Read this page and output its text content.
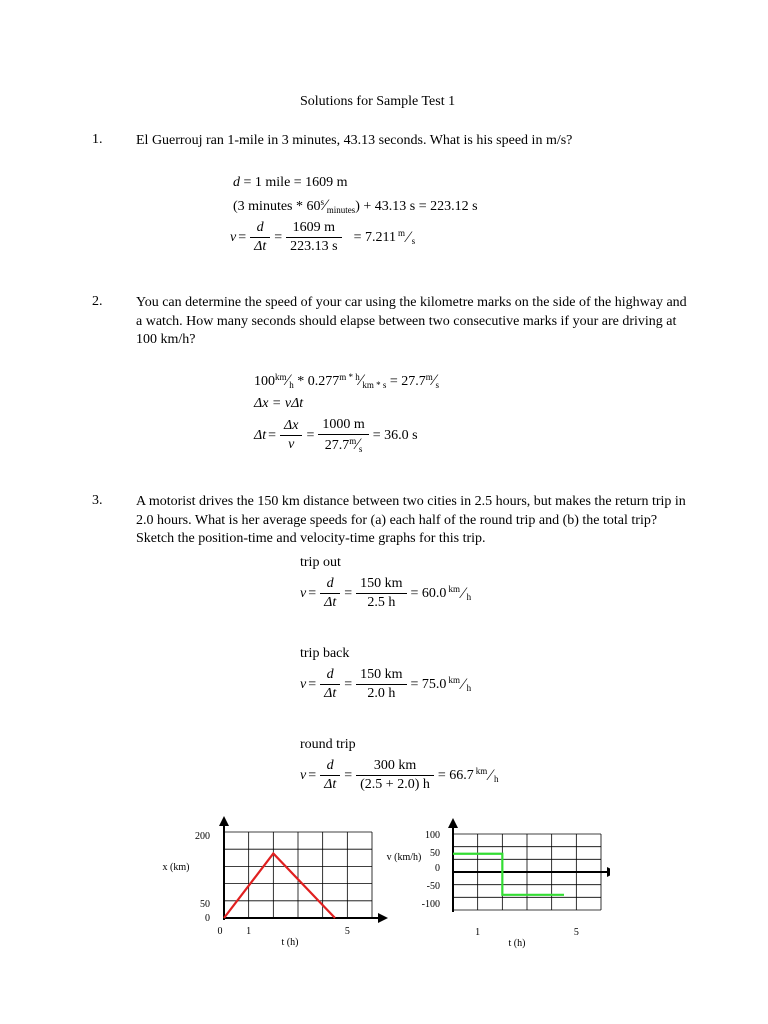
Solutions for Sample Test 1
1. El Guerrouj ran 1-mile in 3 minutes, 43.13 seconds. What is his speed in m/s?
d = 1 mile = 1609 m
(3 minutes * $60^s⁄_{minutes}) + 43.13$ s = 223.12 s
$v = \frac{d}{\Delta t} = \frac{1609 m}{223.13 s} = 7.211$ m ⁄ s
2. You can determine the speed of your car using the kilometre marks on the side of the highway and a watch. How many seconds should elapse between two consecutive marks if your are driving at 100 km/h?
$100^{km}⁄_h$ * $0.277^{m * h}⁄_{km * s}$ = $27.7^m⁄_s$
Δx = vΔt
$\Delta t = \frac{\Delta x}{v} = \frac{1000 m}{27.7^m⁄_s} = 36.0$ s
3. A motorist drives the 150 km distance between two cities in 2.5 hours, but makes the return trip in 2.0 hours. What is her average speeds for (a) each half of the round trip and (b) the total trip? Sketch the position-time and velocity-time graphs for this trip.
trip out
$v = \frac{d}{\Delta t} = \frac{150 km}{2.5 h} = 60.0$ km ⁄ h
trip back
$v = \frac{d}{\Delta t} = \frac{150 km}{2.0 h} = 75.0$ km ⁄ h
round trip
$v = \frac{d}{\Delta t} = \frac{300 km}{(2.5 + 2.0) h} = 66.7$ km ⁄ h
200
50
0
0 1	5
t (h)
x (km)
100
50
0
-50
-100
1	5
t (h)
v (km/h)
